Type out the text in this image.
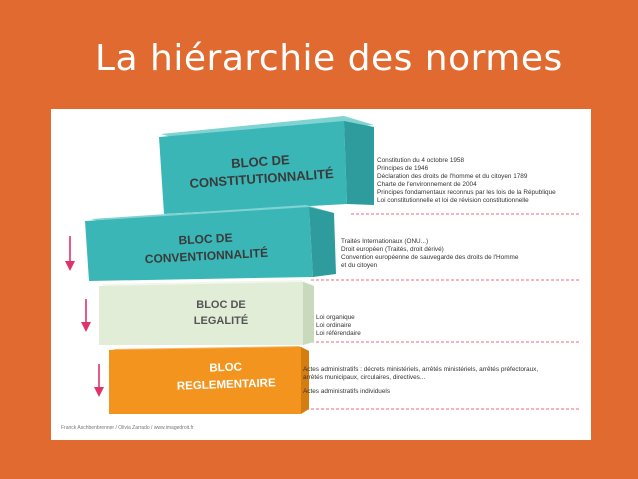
La hiérarchie des normes
BLOC DE
CONSTITUTIONNALITÉ
BLOC DE
CONVENTIONNALITÉ
BLOC DE
LEGALITÉ
BLOC
REGLEMENTAIRE
Constitution du 4 octobre 1958
Principes de 1946
Déclaration des droits de l'homme et du citoyen 1789
Charte de l'environnement de 2004
Principes fondamentaux reconnus par les lois de la République
Loi constitutionnelle et loi de révision constitutionnelle
Traités Internationaux (ONU...)
Droit européen (Traités, droit dérivé)
Convention européenne de sauvegarde des droits de l'Homme
et du citoyen
Loi organique
Loi ordinaire
Loi référendaire
Actes administratifs : décrets ministériels, arrêtés ministériels, arrêtés préfectoraux,
arrêtés municipaux, circulaires, directives...
Actes administratifs individuels
Franck Aschbenbrenner / Olivia Zarrado / www.imagedroit.fr
